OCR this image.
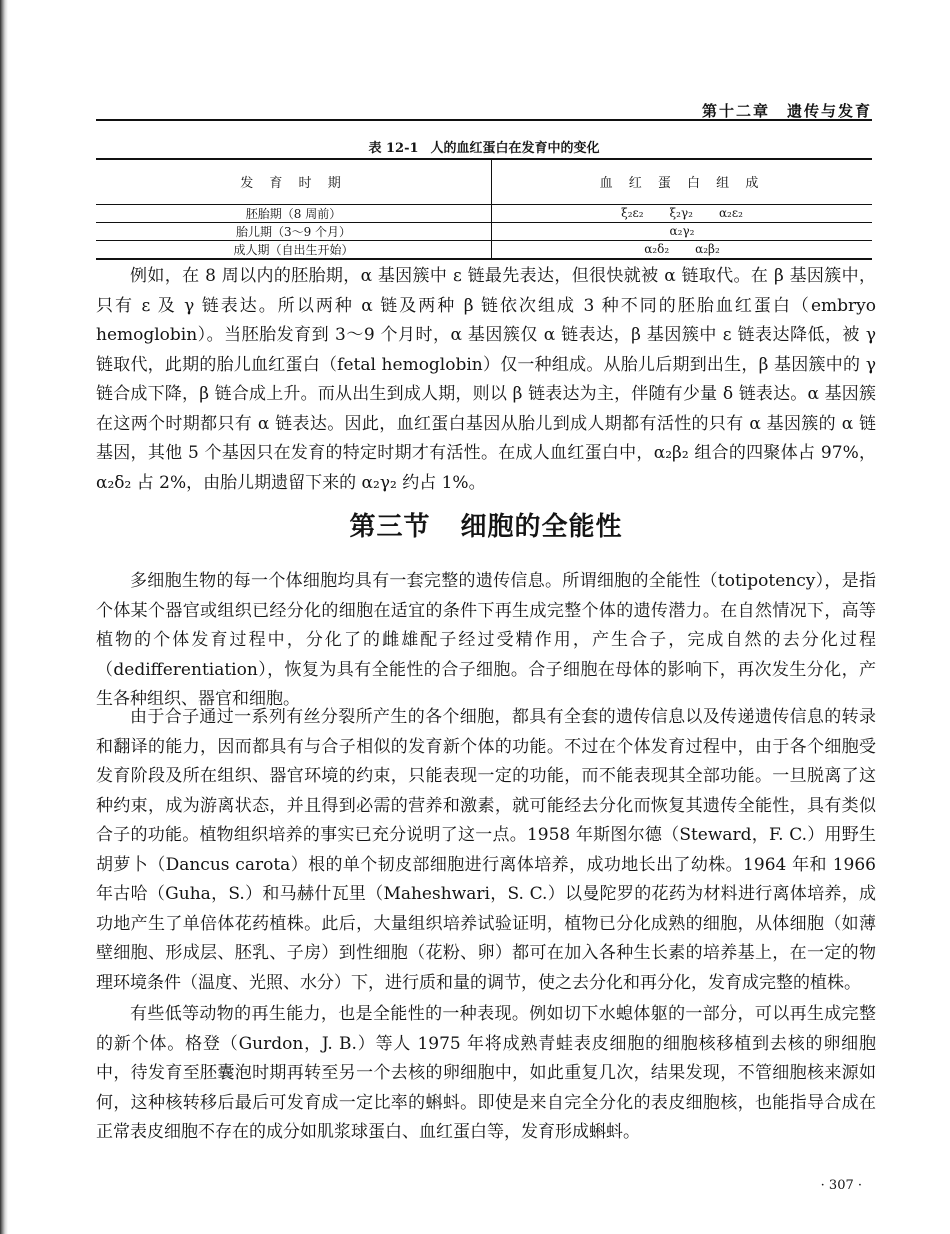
第十二章　遗传与发育
表 12-1 人的血红蛋白在发育中的变化
发 育 时 期	血 红 蛋 白 组 成
胚胎期（8 周前）	ξ₂ε₂ ξ₂γ₂ α₂ε₂

胎儿期（3～9 个月）	α₂γ₂

成人期（自出生开始）	α₂δ₂ α₂β₂

例如，在 8 周以内的胚胎期，α 基因簇中 ε 链最先表达，但很快就被 α 链取代。在 β 基因簇中，只有 ε 及 γ 链表达。所以两种 α 链及两种 β 链依次组成 3 种不同的胚胎血红蛋白（embryo hemoglobin）。当胚胎发育到 3～9 个月时，α 基因簇仅 α 链表达，β 基因簇中 ε 链表达降低，被 γ 链取代，此期的胎儿血红蛋白（fetal hemoglobin）仅一种组成。从胎儿后期到出生，β 基因簇中的 γ 链合成下降，β 链合成上升。而从出生到成人期，则以 β 链表达为主，伴随有少量 δ 链表达。α 基因簇在这两个时期都只有 α 链表达。因此，血红蛋白基因从胎儿到成人期都有活性的只有 α 基因簇的 α 链基因，其他 5 个基因只在发育的特定时期才有活性。在成人血红蛋白中，α₂β₂ 组合的四聚体占 97%，α₂δ₂ 占 2%，由胎儿期遗留下来的 α₂γ₂ 约占 1%。

第三节 细胞的全能性

多细胞生物的每一个体细胞均具有一套完整的遗传信息。所谓细胞的全能性（totipotency），是指个体某个器官或组织已经分化的细胞在适宜的条件下再生成完整个体的遗传潜力。在自然情况下，高等植物的个体发育过程中，分化了的雌雄配子经过受精作用，产生合子，完成自然的去分化过程（dedifferentiation），恢复为具有全能性的合子细胞。合子细胞在母体的影响下，再次发生分化，产生各种组织、器官和细胞。

由于合子通过一系列有丝分裂所产生的各个细胞，都具有全套的遗传信息以及传递遗传信息的转录和翻译的能力，因而都具有与合子相似的发育新个体的功能。不过在个体发育过程中，由于各个细胞受发育阶段及所在组织、器官环境的约束，只能表现一定的功能，而不能表现其全部功能。一旦脱离了这种约束，成为游离状态，并且得到必需的营养和激素，就可能经去分化而恢复其遗传全能性，具有类似合子的功能。植物组织培养的事实已充分说明了这一点。1958 年斯图尔德（Steward，F. C.）用野生胡萝卜（Dancus carota）根的单个韧皮部细胞进行离体培养，成功地长出了幼株。1964 年和 1966 年古哈（Guha，S.）和马赫什瓦里（Maheshwari，S. C.）以曼陀罗的花药为材料进行离体培养，成功地产生了单倍体花药植株。此后，大量组织培养试验证明，植物已分化成熟的细胞，从体细胞（如薄壁细胞、形成层、胚乳、子房）到性细胞（花粉、卵）都可在加入各种生长素的培养基上，在一定的物理环境条件（温度、光照、水分）下，进行质和量的调节，使之去分化和再分化，发育成完整的植株。

有些低等动物的再生能力，也是全能性的一种表现。例如切下水螅体躯的一部分，可以再生成完整的新个体。格登（Gurdon，J. B.）等人 1975 年将成熟青蛙表皮细胞的细胞核移植到去核的卵细胞中，待发育至胚囊泡时期再转至另一个去核的卵细胞中，如此重复几次，结果发现，不管细胞核来源如何，这种核转移后最后可发育成一定比率的蝌蚪。即使是来自完全分化的表皮细胞核，也能指导合成在正常表皮细胞不存在的成分如肌浆球蛋白、血红蛋白等，发育形成蝌蚪。

· 307 ·
